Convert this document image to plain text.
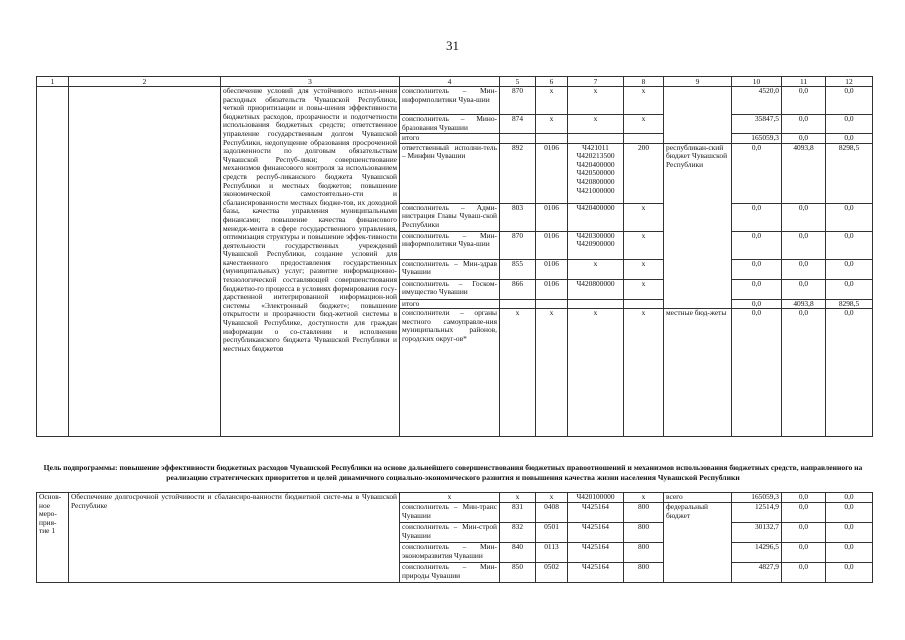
31
1	2	3	4	5	6	7	8	9	10	11	12
		обеспечение условий для устойчивого испол-нения расходных обязательств Чувашской Республики, четкой приоритизации и повы-шения эффективности бюджетных расходов, прозрачности и подотчетности использования бюджетных средств; ответственное управление государственным долгом Чувашской Республики, недопущение образования просроченной задолженности по долговым обязательствам Чувашской Респуб-лики; совершенствование механизмов финансового контроля за использованием средств респуб-ликанского бюджета Чувашской Республики и местных бюджетов; повышение экономической самостоятельно-сти и сбалансированности местных бюдже-тов, их доходной базы, качества управления муниципальными финансами; повышение качества финансового менедж-мента в сфере государственного управления, оптимизация структуры и повышение эффек-тивности деятельности государственных учреждений Чувашской Республики, создание условий для качественного предоставления государственных (муниципальных) услуг; развитие информационно-технологической составляющей совершенствования бюджетно-го процесса в условиях формирования госу-дарственной интегрированной информацион-ной системы «Электронный бюджет»; повышение открытости и прозрачности бюд-жетной системы в Чувашской Республике, доступности для граждан информации о со-ставлении и исполнении республиканского бюджета Чувашской Республики и местных бюджетов	соисполнитель – Мин-информполитики Чува-шии	870	x	x	x		4520,0	0,0	0,0
			соисполнитель – Мино-бразования Чувашии	874	x	x	x		35847,5	0,0	0,0
			итого						165059,3	0,0	0,0
			ответственный исполни-тель – Минфин Чувашии	892	0106	Ч421011 Ч420213500 Ч420400000 Ч420500000 Ч420800000 Ч421000000	200	республикан-ский бюджет Чувашской Республики	0,0	4093,8	8298,5
			соисполнитель – Адми-нистрация Главы Чуваш-ской Республики	803	0106	Ч420400000	x		0,0	0,0	0,0
			соисполнитель – Мин-информполитики Чува-шии	870	0106	Ч420300000 Ч420900000	x		0,0	0,0	0,0
			соисполнитель – Мин-здрав Чувашии	855	0106	x	x		0,0	0,0	0,0
			соисполнитель – Госком-имущество Чувашии	866	0106	Ч420800000	x		0,0	0,0	0,0
			итого						0,0	4093,8	8298,5
			соисполнители – органы местного самоуправле-ния муниципальных районов, городских округ-ов*	x	x	x	x	местные бюд-жеты	0,0	0,0	0,0
Цель подпрограммы: повышение эффективности бюджетных расходов Чувашской Республики на основе дальнейшего совершенствования бюджетных правоотношений и механизмов использования бюджетных средств, направленного на реализацию стратегических приоритетов и целей динамичного социально-экономического развития и повышения качества жизни населения Чувашской Республики
Основ-ное меро-прия-тие 1	Обеспечение долгосрочной устойчивости и сбалансиро-ванности бюджетной систе-мы в Чувашской Республике	x	x	x	Ч420100000	x	всего	165059,3	0,0	0,0
		соисполнитель – Мин-транс Чувашии	831	0408	Ч425164	800	федеральный бюджет	12514,9	0,0	0,0
		соисполнитель – Мин-строй Чувашии	832	0501	Ч425164	800		30132,7	0,0	0,0
		соисполнитель – Мин-экономразвития Чувашии	840	0113	Ч425164	800		14296,5	0,0	0,0
		соисполнитель – Мин-природы Чувашии	850	0502	Ч425164	800		4827,9	0,0	0,0
